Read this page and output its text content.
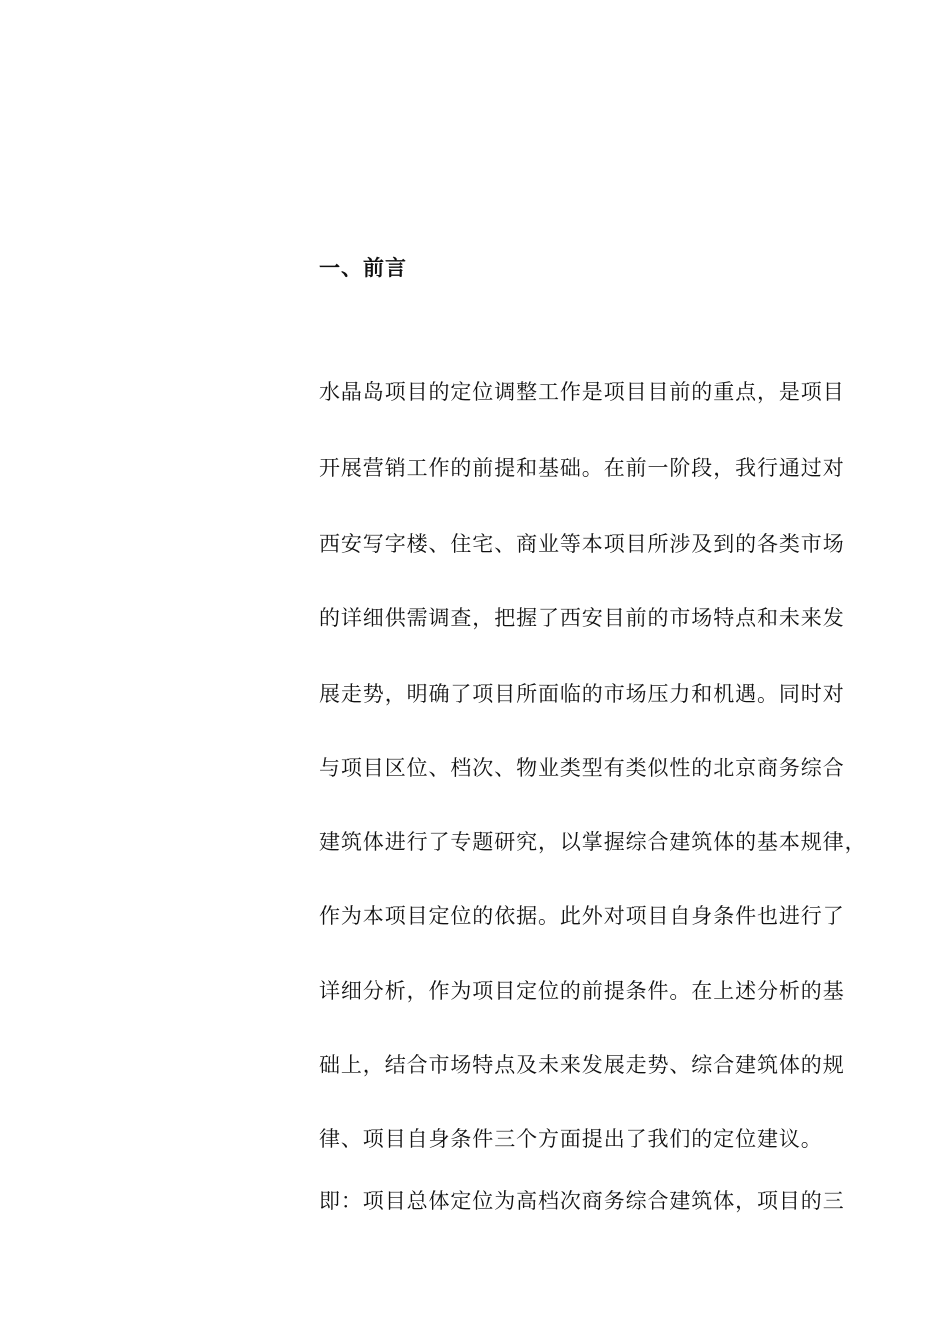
一、前言
水晶岛项目的定位调整工作是项目目前的重点，是项目
开展营销工作的前提和基础。在前一阶段，我行通过对
西安写字楼、住宅、商业等本项目所涉及到的各类市场
的详细供需调查，把握了西安目前的市场特点和未来发
展走势，明确了项目所面临的市场压力和机遇。同时对
与项目区位、档次、物业类型有类似性的北京商务综合
建筑体进行了专题研究，以掌握综合建筑体的基本规律，
作为本项目定位的依据。此外对项目自身条件也进行了
详细分析，作为项目定位的前提条件。在上述分析的基
础上，结合市场特点及未来发展走势、综合建筑体的规
律、项目自身条件三个方面提出了我们的定位建议。
即：项目总体定位为高档次商务综合建筑体，项目的三
